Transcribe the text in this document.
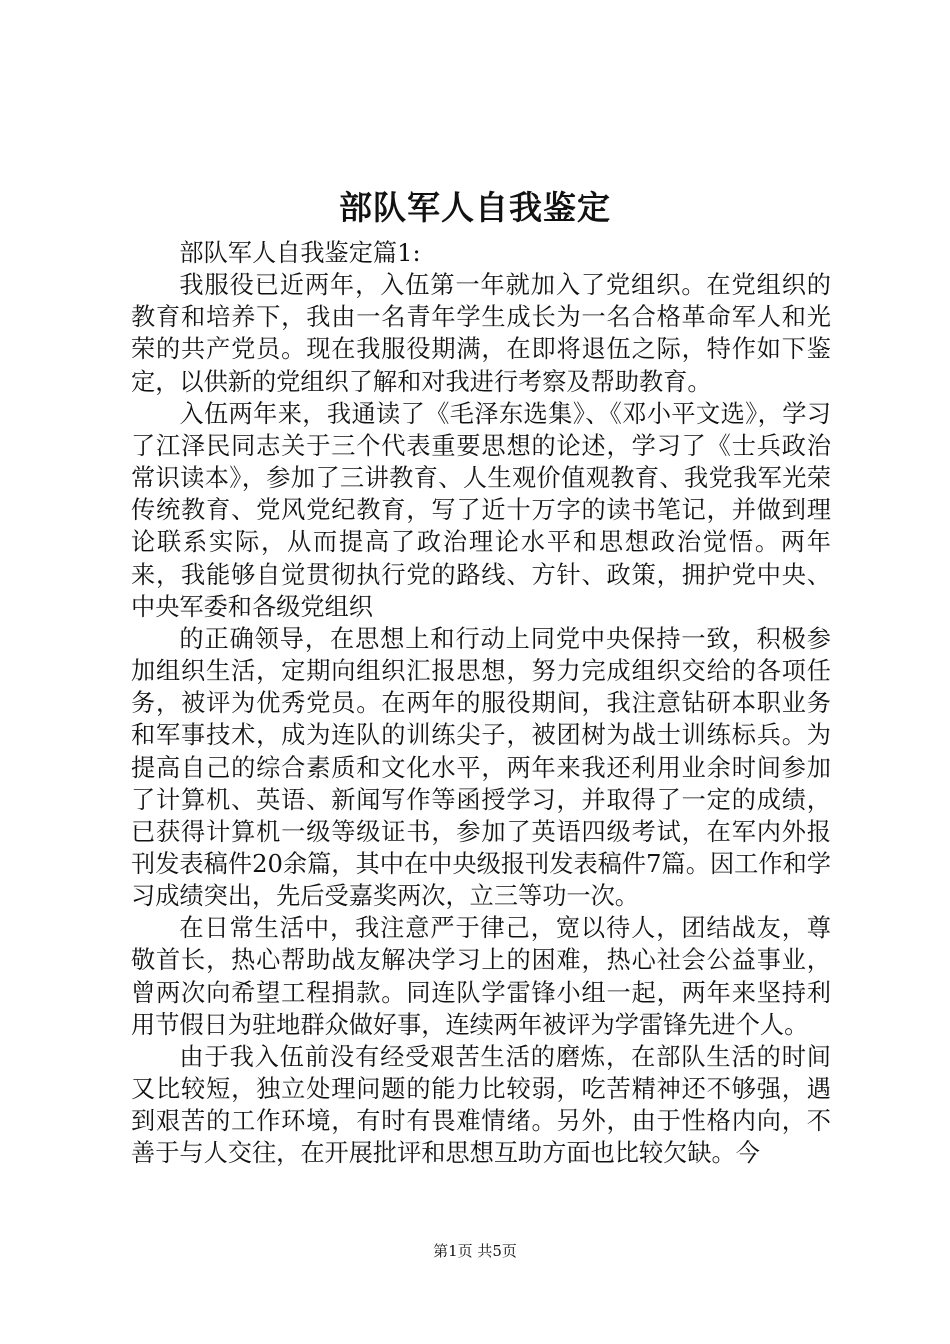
部队军人自我鉴定

部队军人自我鉴定篇1:

我服役已近两年，入伍第一年就加入了党组织。在党组织的教育和培养下，我由一名青年学生成长为一名合格革命军人和光荣的共产党员。现在我服役期满，在即将退伍之际，特作如下鉴定，以供新的党组织了解和对我进行考察及帮助教育。

入伍两年来，我通读了《毛泽东选集》、《邓小平文选》，学习了江泽民同志关于三个代表重要思想的论述，学习了《士兵政治常识读本》，参加了三讲教育、人生观价值观教育、我党我军光荣传统教育、党风党纪教育，写了近十万字的读书笔记，并做到理论联系实际，从而提高了政治理论水平和思想政治觉悟。两年来，我能够自觉贯彻执行党的路线、方针、政策，拥护党中央、中央军委和各级党组织

的正确领导，在思想上和行动上同党中央保持一致，积极参加组织生活，定期向组织汇报思想，努力完成组织交给的各项任务，被评为优秀党员。在两年的服役期间，我注意钻研本职业务和军事技术，成为连队的训练尖子，被团树为战士训练标兵。为提高自己的综合素质和文化水平，两年来我还利用业余时间参加了计算机、英语、新闻写作等函授学习，并取得了一定的成绩，已获得计算机一级等级证书，参加了英语四级考试，在军内外报刊发表稿件20余篇，其中在中央级报刊发表稿件7篇。因工作和学习成绩突出，先后受嘉奖两次，立三等功一次。

在日常生活中，我注意严于律己，宽以待人，团结战友，尊敬首长，热心帮助战友解决学习上的困难，热心社会公益事业，曾两次向希望工程捐款。同连队学雷锋小组一起，两年来坚持利用节假日为驻地群众做好事，连续两年被评为学雷锋先进个人。

由于我入伍前没有经受艰苦生活的磨炼，在部队生活的时间又比较短，独立处理问题的能力比较弱，吃苦精神还不够强，遇到艰苦的工作环境，有时有畏难情绪。另外，由于性格内向，不善于与人交往，在开展批评和思想互助方面也比较欠缺。今

第1页 共5页
